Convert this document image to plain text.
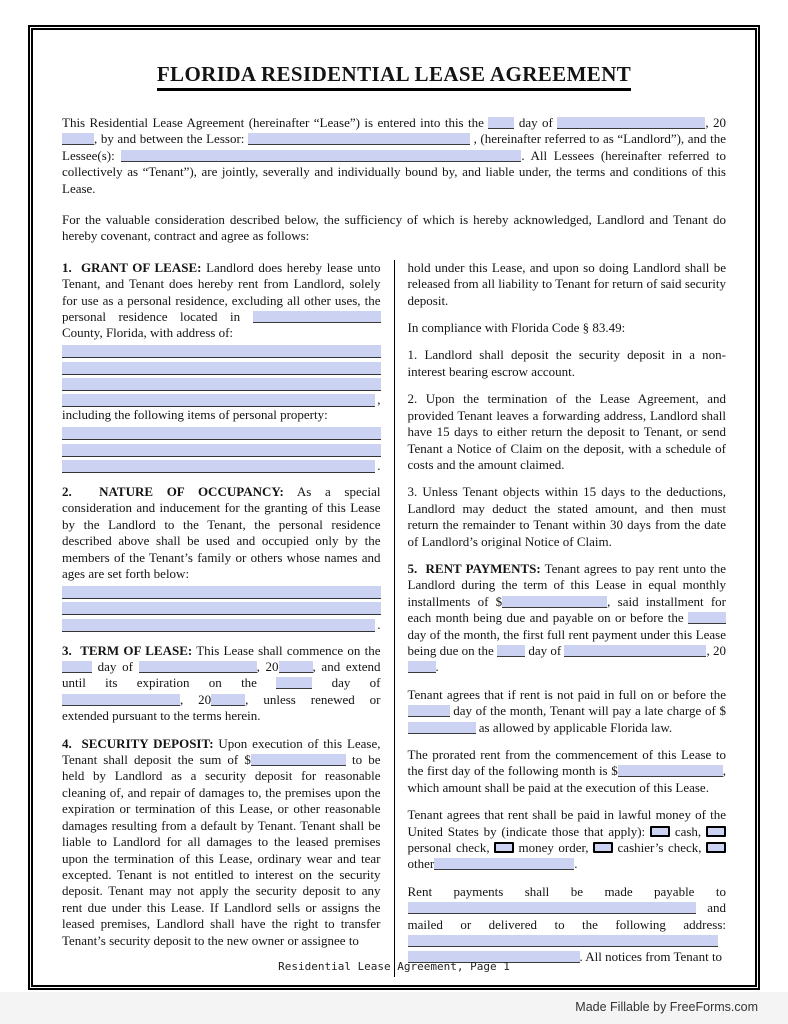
FLORIDA RESIDENTIAL LEASE AGREEMENT

This Residential Lease Agreement (hereinafter “Lease”) is entered into this the  day of	, 20, by and between the Lessor:	, (hereinafter referred to as “Landlord”), and the Lessee(s):	. All Lessees (hereinafter referred to collectively as “Tenant”), are jointly, severally and individually bound by, and liable under, the terms and conditions of this Lease.

For the valuable consideration described below, the sufficiency of which is hereby acknowledged, Landlord and Tenant do hereby covenant, contract and agree as follows:

1.  GRANT OF LEASE: Landlord does hereby lease unto Tenant, and Tenant does hereby rent from Landlord, solely for use as a personal residence, excluding all other uses, the personal residence located in  County, Florida, with address of:

,

including the following items of personal property:

.

2.  NATURE OF OCCUPANCY: As a special consideration and inducement for the granting of this Lease by the Landlord to the Tenant, the personal residence described above shall be used and occupied only by the members of the Tenant’s family or others whose names and ages are set forth below:

.

3.  TERM OF LEASE: This Lease shall commence on the  day of	, 20	, and extend until its expiration on the	day of , 20	, unless renewed or extended pursuant to the terms herein.

4.  SECURITY DEPOSIT: Upon execution of this Lease, Tenant shall deposit the sum of $	to be held by Landlord as a security deposit for reasonable cleaning of, and repair of damages to, the premises upon the expiration or termination of this Lease, or other reasonable damages resulting from a default by Tenant. Tenant shall be liable to Landlord for all damages to the leased premises upon the termination of this Lease, ordinary wear and tear excepted. Tenant is not entitled to interest on the security deposit. Tenant may not apply the security deposit to any rent due under this Lease. If Landlord sells or assigns the leased premises, Landlord shall have the right to transfer Tenant’s security deposit to the new owner or assignee to

hold under this Lease, and upon so doing Landlord shall be released from all liability to Tenant for return of said security deposit.

In compliance with Florida Code § 83.49:

1. Landlord shall deposit the security deposit in a non-interest bearing escrow account.

2. Upon the termination of the Lease Agreement, and provided Tenant leaves a forwarding address, Landlord shall have 15 days to either return the deposit to Tenant, or send Tenant a Notice of Claim on the deposit, with a schedule of costs and the amount claimed.

3. Unless Tenant objects within 15 days to the deductions, Landlord may deduct the stated amount, and then must return the remainder to Tenant within 30 days from the date of Landlord’s original Notice of Claim.

5.  RENT PAYMENTS: Tenant agrees to pay rent unto the Landlord during the term of this Lease in equal monthly installments of $	, said installment for each month being due and payable on or before the  day of the month, the first full rent payment under this Lease being due on the  day of	, 20.

Tenant agrees that if rent is not paid in full on or before the  day of the month, Tenant will pay a late charge of $ as allowed by applicable Florida law.

The prorated rent from the commencement of this Lease to the first day of the following month is $	, which amount shall be paid at the execution of this Lease.

Tenant agrees that rent shall be paid in lawful money of the United States by (indicate those that apply):  cash,  personal check,  money order,  cashier’s check,  other	.

Rent payments shall be made payable to  and mailed or delivered to the following address:  . All notices from Tenant to

Residential Lease Agreement, Page 1
Made Fillable by FreeForms.com
